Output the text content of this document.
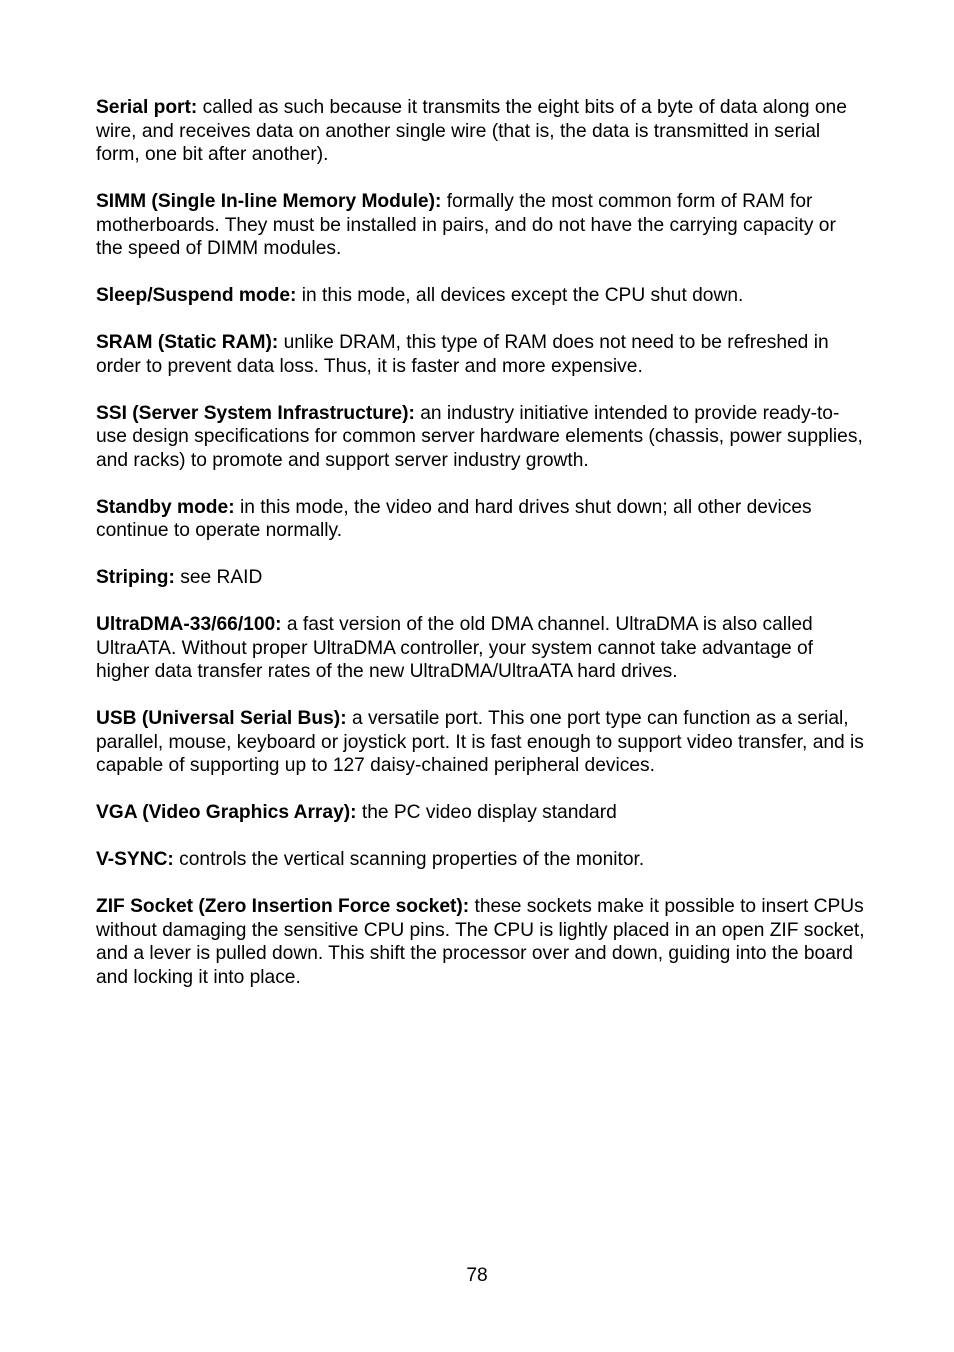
Serial port: called as such because it transmits the eight bits of a byte of data along one wire, and receives data on another single wire (that is, the data is transmitted in serial form, one bit after another).

SIMM (Single In-line Memory Module): formally the most common form of RAM for motherboards. They must be installed in pairs, and do not have the carrying capacity or the speed of DIMM modules.

Sleep/Suspend mode: in this mode, all devices except the CPU shut down.

SRAM (Static RAM): unlike DRAM, this type of RAM does not need to be refreshed in order to prevent data loss. Thus, it is faster and more expensive.

SSI (Server System Infrastructure): an industry initiative intended to provide ready-to-use design specifications for common server hardware elements (chassis, power supplies, and racks) to promote and support server industry growth.

Standby mode: in this mode, the video and hard drives shut down; all other devices continue to operate normally.

Striping: see RAID

UltraDMA-33/66/100: a fast version of the old DMA channel. UltraDMA is also called UltraATA. Without proper UltraDMA controller, your system cannot take advantage of higher data transfer rates of the new UltraDMA/UltraATA hard drives.

USB (Universal Serial Bus): a versatile port. This one port type can function as a serial, parallel, mouse, keyboard or joystick port. It is fast enough to support video transfer, and is capable of supporting up to 127 daisy-chained peripheral devices.

VGA (Video Graphics Array): the PC video display standard

V-SYNC: controls the vertical scanning properties of the monitor.

ZIF Socket (Zero Insertion Force socket): these sockets make it possible to insert CPUs without damaging the sensitive CPU pins. The CPU is lightly placed in an open ZIF socket, and a lever is pulled down. This shift the processor over and down, guiding into the board and locking it into place.

78
